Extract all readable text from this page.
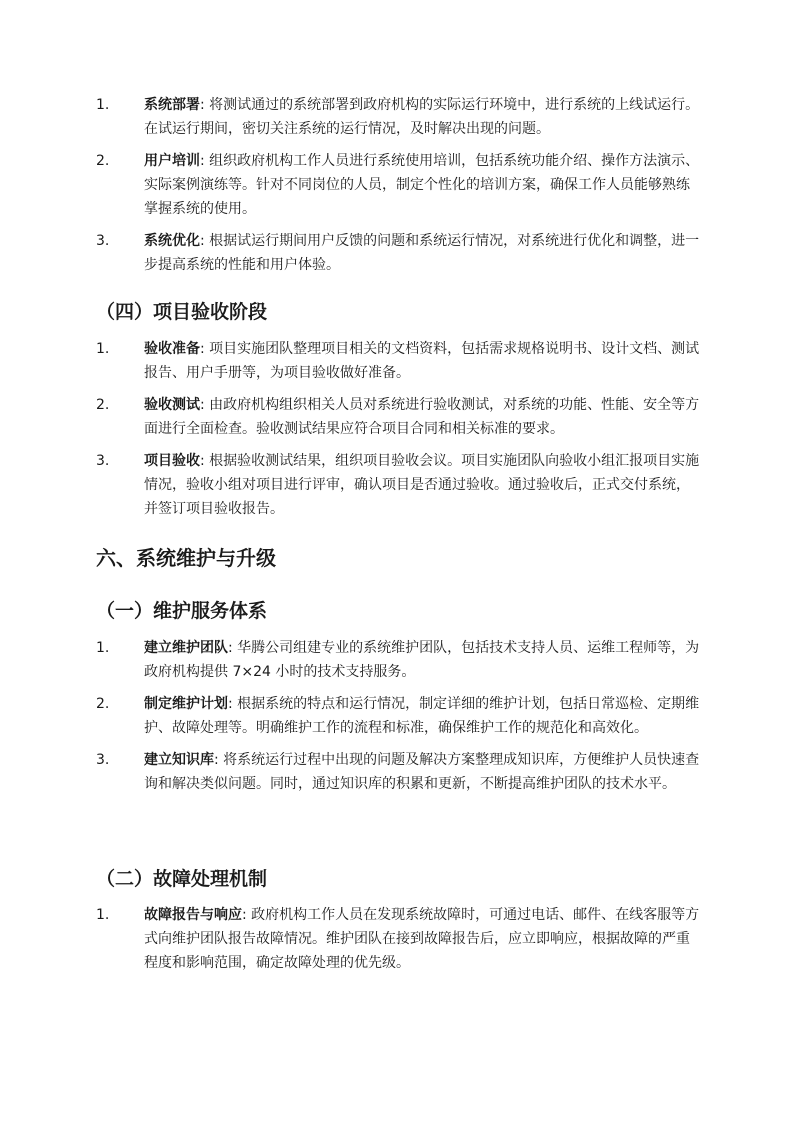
1. 系统部署: 将测试通过的系统部署到政府机构的实际运行环境中，进行系统的上线试运行。在试运行期间，密切关注系统的运行情况，及时解决出现的问题。
2. 用户培训: 组织政府机构工作人员进行系统使用培训，包括系统功能介绍、操作方法演示、实际案例演练等。针对不同岗位的人员，制定个性化的培训方案，确保工作人员能够熟练掌握系统的使用。
3. 系统优化: 根据试运行期间用户反馈的问题和系统运行情况，对系统进行优化和调整，进一步提高系统的性能和用户体验。
（四）项目验收阶段
1. 验收准备: 项目实施团队整理项目相关的文档资料，包括需求规格说明书、设计文档、测试报告、用户手册等，为项目验收做好准备。
2. 验收测试: 由政府机构组织相关人员对系统进行验收测试，对系统的功能、性能、安全等方面进行全面检查。验收测试结果应符合项目合同和相关标准的要求。
3. 项目验收: 根据验收测试结果，组织项目验收会议。项目实施团队向验收小组汇报项目实施情况，验收小组对项目进行评审，确认项目是否通过验收。通过验收后，正式交付系统，并签订项目验收报告。
六、系统维护与升级
（一）维护服务体系
1. 建立维护团队: 华腾公司组建专业的系统维护团队，包括技术支持人员、运维工程师等，为政府机构提供 7×24 小时的技术支持服务。
2. 制定维护计划: 根据系统的特点和运行情况，制定详细的维护计划，包括日常巡检、定期维护、故障处理等。明确维护工作的流程和标准，确保维护工作的规范化和高效化。
3. 建立知识库: 将系统运行过程中出现的问题及解决方案整理成知识库，方便维护人员快速查询和解决类似问题。同时，通过知识库的积累和更新，不断提高维护团队的技术水平。
（二）故障处理机制
1. 故障报告与响应: 政府机构工作人员在发现系统故障时，可通过电话、邮件、在线客服等方式向维护团队报告故障情况。维护团队在接到故障报告后，应立即响应，根据故障的严重程度和影响范围，确定故障处理的优先级。
